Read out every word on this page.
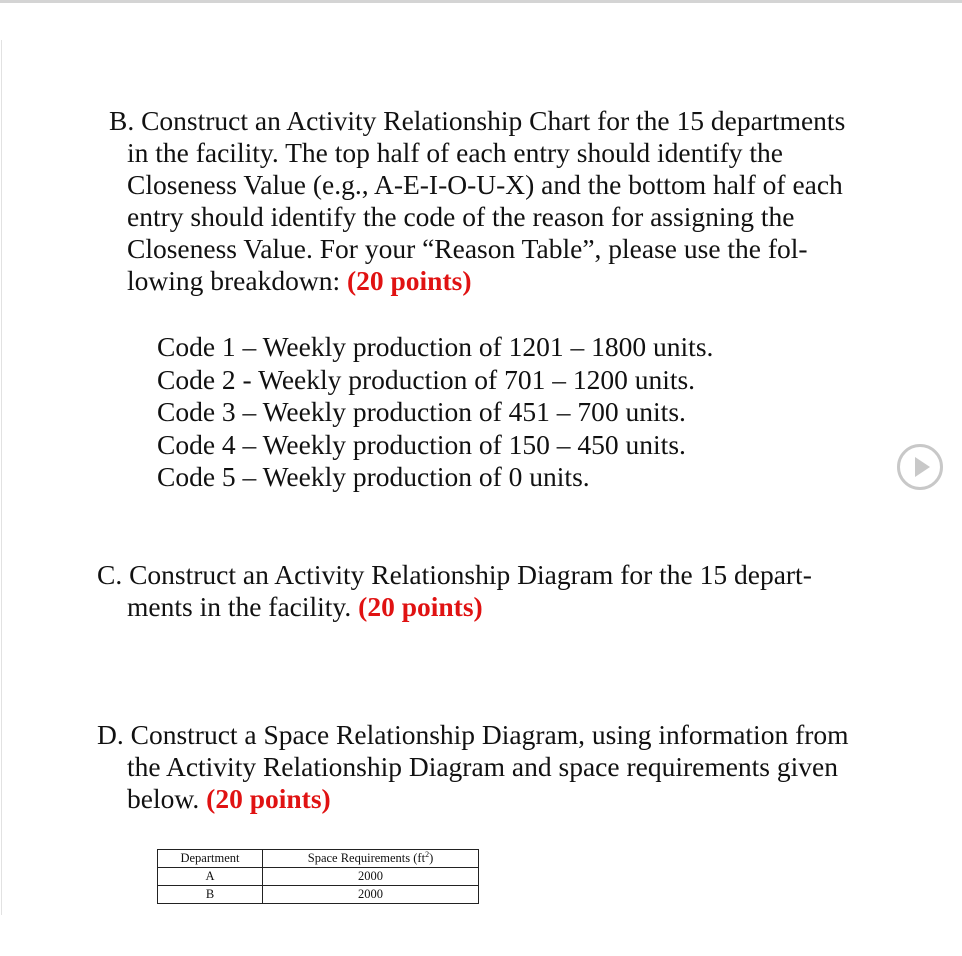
B. Construct an Activity Relationship Chart for the 15 departments
in the facility. The top half of each entry should identify the
Closeness Value (e.g., A-E-I-O-U-X) and the bottom half of each
entry should identify the code of the reason for assigning the
Closeness Value. For your “Reason Table”, please use the fol-
lowing breakdown: (20 points)
Code 1 – Weekly production of 1201 – 1800 units.
Code 2 - Weekly production of 701 – 1200 units.
Code 3 – Weekly production of 451 – 700 units.
Code 4 – Weekly production of 150 – 450 units.
Code 5 – Weekly production of 0 units.
C. Construct an Activity Relationship Diagram for the 15 depart-
ments in the facility. (20 points)
D. Construct a Space Relationship Diagram, using information from
the Activity Relationship Diagram and space requirements given
below. (20 points)
Department	Space Requirements $(ft^2)$
A	2000
B	2000
